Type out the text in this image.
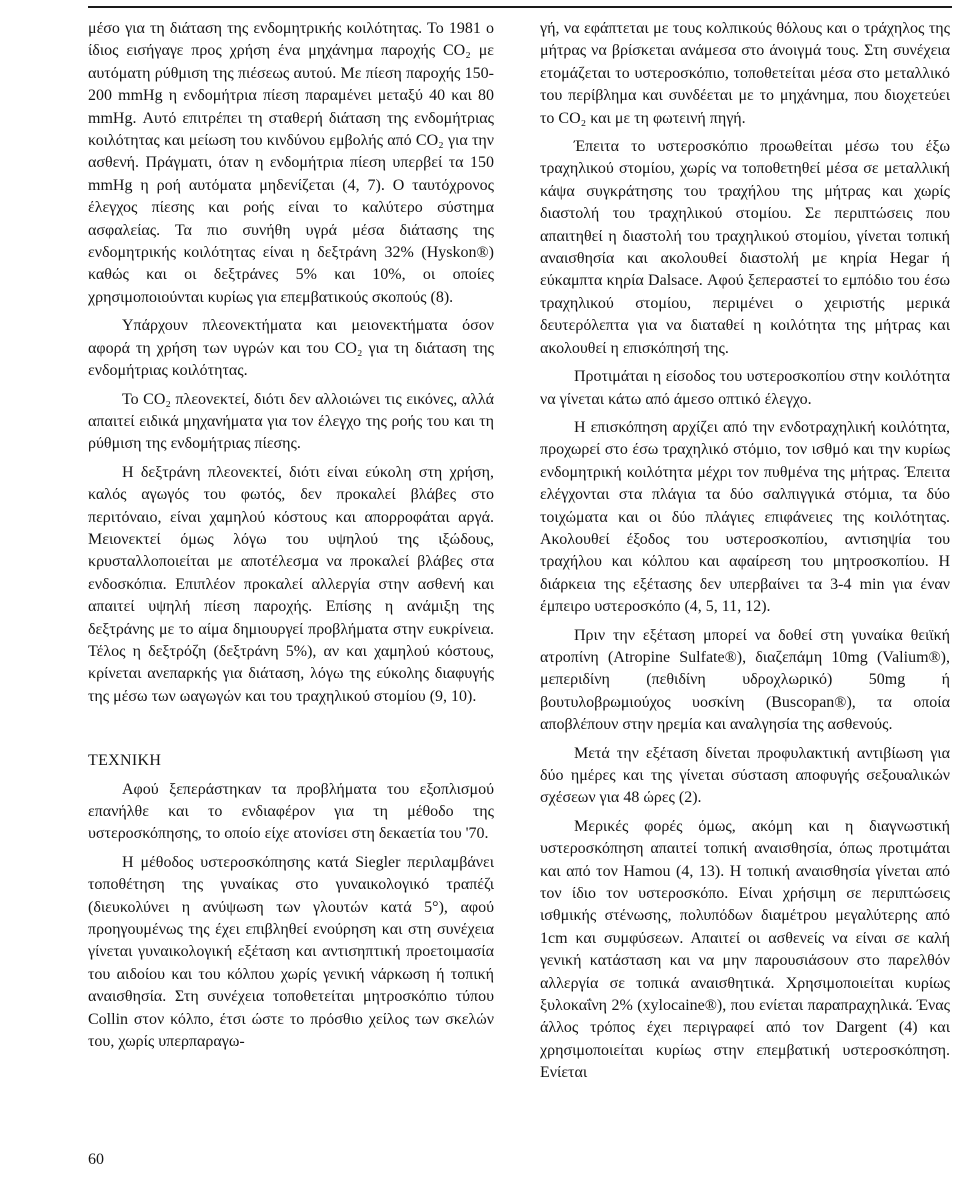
μέσο για τη διάταση της ενδομητρικής κοιλότητας. Το 1981 ο ίδιος εισήγαγε προς χρήση ένα μηχάνημα παροχής CO₂ με αυτόματη ρύθμιση της πιέσεως αυτού. Με πίεση παροχής 150-200 mmHg η ενδομήτρια πίεση παραμένει μεταξύ 40 και 80 mmHg. Αυτό επιτρέπει τη σταθερή διάταση της ενδομήτριας κοιλότητας και μείωση του κινδύνου εμβολής από CO₂ για την ασθενή. Πράγματι, όταν η ενδομήτρια πίεση υπερβεί τα 150 mmHg η ροή αυτόματα μηδενίζεται (4, 7). Ο ταυτόχρονος έλεγχος πίεσης και ροής είναι το καλύτερο σύστημα ασφαλείας. Τα πιο συνήθη υγρά μέσα διάτασης της ενδομητρικής κοιλότητας είναι η δεξτράνη 32% (Hyskon®) καθώς και οι δεξτράνες 5% και 10%, οι οποίες χρησιμοποιούνται κυρίως για επεμβατικούς σκοπούς (8).

Υπάρχουν πλεονεκτήματα και μειονεκτήματα όσον αφορά τη χρήση των υγρών και του CO₂ για τη διάταση της ενδομήτριας κοιλότητας.

Το CO₂ πλεονεκτεί, διότι δεν αλλοιώνει τις εικόνες, αλλά απαιτεί ειδικά μηχανήματα για τον έλεγχο της ροής του και τη ρύθμιση της ενδομήτριας πίεσης.

Η δεξτράνη πλεονεκτεί, διότι είναι εύκολη στη χρήση, καλός αγωγός του φωτός, δεν προκαλεί βλάβες στο περιτόναιο, είναι χαμηλού κόστους και απορροφάται αργά. Μειονεκτεί όμως λόγω του υψηλού της ιξώδους, κρυσταλλοποιείται με αποτέλεσμα να προκαλεί βλάβες στα ενδοσκόπια. Επιπλέον προκαλεί αλλεργία στην ασθενή και απαιτεί υψηλή πίεση παροχής. Επίσης η ανάμιξη της δεξτράνης με το αίμα δημιουργεί προβλήματα στην ευκρίνεια. Τέλος η δεξτρόζη (δεξτράνη 5%), αν και χαμηλού κόστους, κρίνεται ανεπαρκής για διάταση, λόγω της εύκολης διαφυγής της μέσω των ωαγωγών και του τραχηλικού στομίου (9, 10).

ΤΕΧΝΙΚΗ

Αφού ξεπεράστηκαν τα προβλήματα του εξοπλισμού επανήλθε και το ενδιαφέρον για τη μέθοδο της υστεροσκόπησης, το οποίο είχε ατονίσει στη δεκαετία του '70.

Η μέθοδος υστεροσκόπησης κατά Siegler περιλαμβάνει τοποθέτηση της γυναίκας στο γυναικολογικό τραπέζι (διευκολύνει η ανύψωση των γλουτών κατά 5°), αφού προηγουμένως της έχει επιβληθεί ενούρηση και στη συνέχεια γίνεται γυναικολογική εξέταση και αντισηπτική προετοιμασία του αιδοίου και του κόλπου χωρίς γενική νάρκωση ή τοπική αναισθησία. Στη συνέχεια τοποθετείται μητροσκόπιο τύπου Collin στον κόλπο, έτσι ώστε το πρόσθιο χείλος των σκελών του, χωρίς υπερπαραγω-

γή, να εφάπτεται με τους κολπικούς θόλους και ο τράχηλος της μήτρας να βρίσκεται ανάμεσα στο άνοιγμά τους. Στη συνέχεια ετομάζεται το υστεροσκόπιο, τοποθετείται μέσα στο μεταλλικό του περίβλημα και συνδέεται με το μηχάνημα, που διοχετεύει το CO₂ και με τη φωτεινή πηγή.

Έπειτα το υστεροσκόπιο προωθείται μέσω του έξω τραχηλικού στομίου, χωρίς να τοποθετηθεί μέσα σε μεταλλική κάψα συγκράτησης του τραχήλου της μήτρας και χωρίς διαστολή του τραχηλικού στομίου. Σε περιπτώσεις που απαιτηθεί η διαστολή του τραχηλικού στομίου, γίνεται τοπική αναισθησία και ακολουθεί διαστολή με κηρία Hegar ή εύκαμπτα κηρία Dalsace. Αφού ξεπεραστεί το εμπόδιο του έσω τραχηλικού στομίου, περιμένει ο χειριστής μερικά δευτερόλεπτα για να διαταθεί η κοιλότητα της μήτρας και ακολουθεί η επισκόπησή της.

Προτιμάται η είσοδος του υστεροσκοπίου στην κοιλότητα να γίνεται κάτω από άμεσο οπτικό έλεγχο.

Η επισκόπηση αρχίζει από την ενδοτραχηλική κοιλότητα, προχωρεί στο έσω τραχηλικό στόμιο, τον ισθμό και την κυρίως ενδομητρική κοιλότητα μέχρι τον πυθμένα της μήτρας. Έπειτα ελέγχονται στα πλάγια τα δύο σαλπιγγικά στόμια, τα δύο τοιχώματα και οι δύο πλάγιες επιφάνειες της κοιλότητας. Ακολουθεί έξοδος του υστεροσκοπίου, αντισηψία του τραχήλου και κόλπου και αφαίρεση του μητροσκοπίου. Η διάρκεια της εξέτασης δεν υπερβαίνει τα 3-4 min για έναν έμπειρο υστεροσκόπο (4, 5, 11, 12).

Πριν την εξέταση μπορεί να δοθεί στη γυναίκα θειϊκή ατροπίνη (Atropine Sulfate®), διαζεπάμη 10mg (Valium®), μεπεριδίνη (πεθιδίνη υδροχλωρικό) 50mg ή βουτυλοβρωμιούχος υοσκίνη (Buscopan®), τα οποία αποβλέπουν στην ηρεμία και αναλγησία της ασθενούς.

Μετά την εξέταση δίνεται προφυλακτική αντιβίωση για δύο ημέρες και της γίνεται σύσταση αποφυγής σεξουαλικών σχέσεων για 48 ώρες (2).

Μερικές φορές όμως, ακόμη και η διαγνωστική υστεροσκόπηση απαιτεί τοπική αναισθησία, όπως προτιμάται και από τον Hamou (4, 13). Η τοπική αναισθησία γίνεται από τον ίδιο τον υστεροσκόπο. Είναι χρήσιμη σε περιπτώσεις ισθμικής στένωσης, πολυπόδων διαμέτρου μεγαλύτερης από 1cm και συμφύσεων. Απαιτεί οι ασθενείς να είναι σε καλή γενική κατάσταση και να μην παρουσιάσουν στο παρελθόν αλλεργία σε τοπικά αναισθητικά. Χρησιμοποιείται κυρίως ξυλοκαΐνη 2% (xylocaine®), που ενίεται παραπραχηλικά. Ένας άλλος τρόπος έχει περιγραφεί από τον Dargent (4) και χρησιμοποιείται κυρίως στην επεμβατική υστεροσκόπηση. Ενίεται

60
